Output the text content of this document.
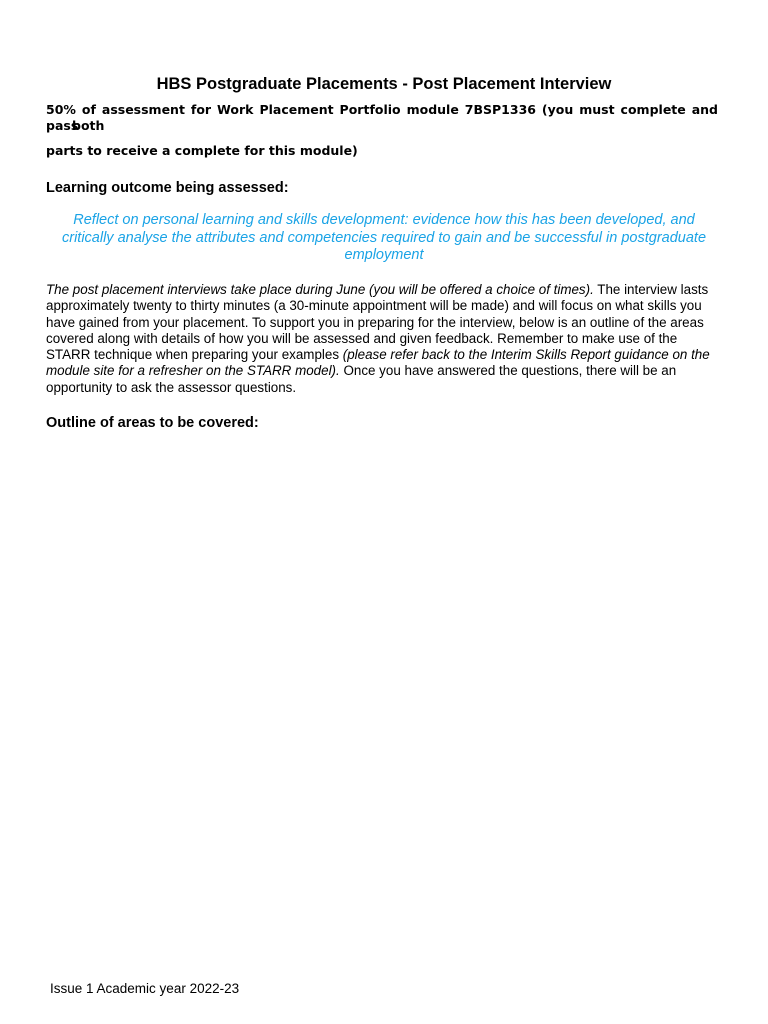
HBS Postgraduate Placements - Post Placement Interview
50% of assessment for Work Placement Portfolio module 7BSP1336 (you must complete and pass
both
parts to receive a complete for this module)
Learning outcome being assessed:
Reflect on personal learning and skills development: evidence how this has been developed, and critically analyse the attributes and competencies required to gain and be successful in postgraduate employment
The post placement interviews take place during June (you will be offered a choice of times). The interview lasts approximately twenty to thirty minutes (a 30-minute appointment will be made) and will focus on what skills you have gained from your placement. To support you in preparing for the interview, below is an outline of the areas covered along with details of how you will be assessed and given feedback. Remember to make use of the STARR technique when preparing your examples (please refer back to the Interim Skills Report guidance on the module site for a refresher on the STARR model). Once you have answered the questions, there will be an opportunity to ask the assessor questions.
Outline of areas to be covered:
Issue 1 Academic year 2022-23
